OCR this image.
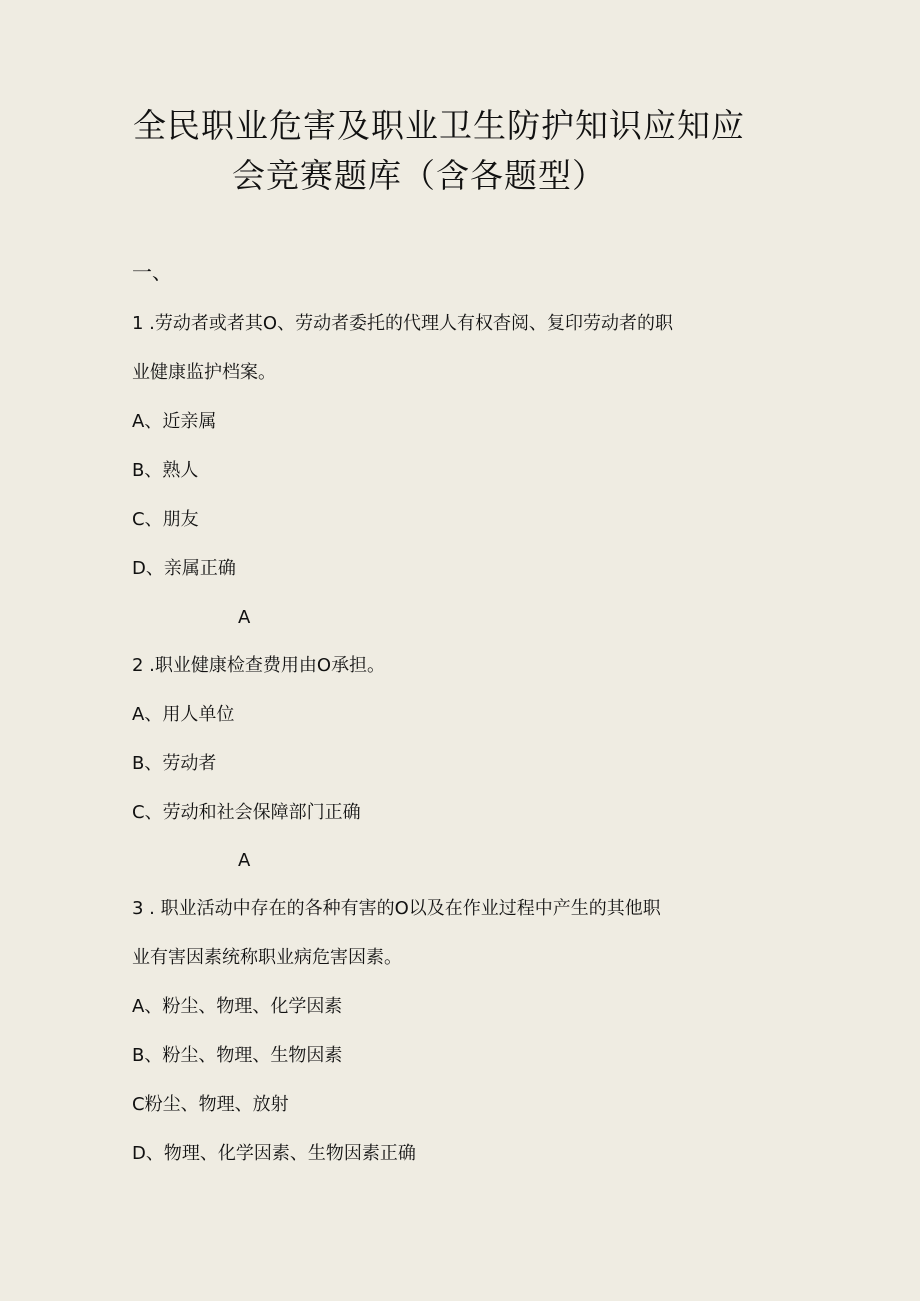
全民职业危害及职业卫生防护知识应知应
会竞赛题库（含各题型）
一、
1 .劳动者或者其O、劳动者委托的代理人有权杳阅、复印劳动者的职
业健康监护档案。
A、近亲属
B、熟人
C、朋友
D、亲属正确
A
2 .职业健康检查费用由O承担。
A、用人单位
B、劳动者
C、劳动和社会保障部门正确
A
3 . 职业活动中存在的各种有害的O以及在作业过程中产生的其他职
业有害因素统称职业病危害因素。
A、粉尘、物理、化学因素
B、粉尘、物理、生物因素
C粉尘、物理、放射
D、物理、化学因素、生物因素正确
